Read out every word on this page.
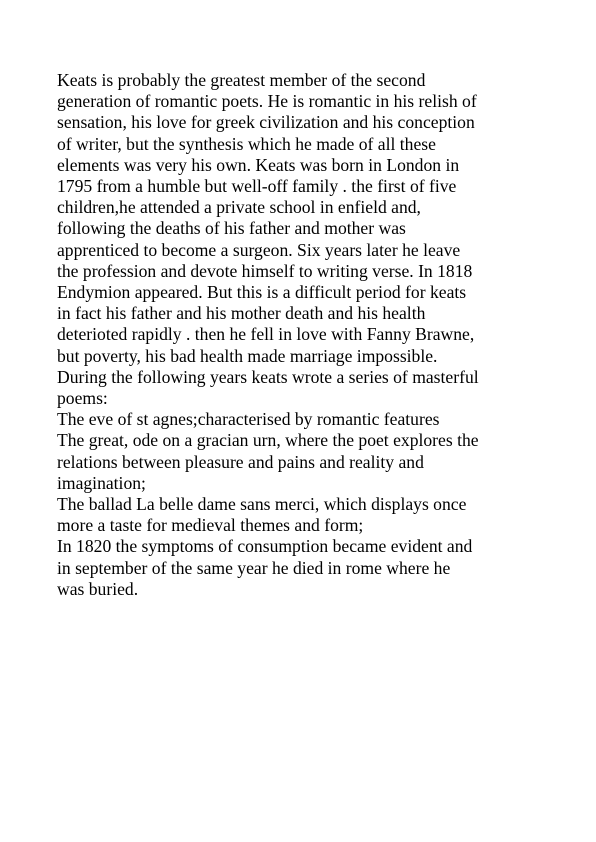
Keats is probably the greatest member of the second
generation of romantic poets. He is romantic in his relish of
sensation, his love for greek civilization and his conception
of writer, but the synthesis which he made of all these
elements was very his own. Keats was born in London in
1795 from a humble but well-off family . the first of five
children,he attended a private school in enfield and,
following the deaths of his father and mother was
apprenticed to become a surgeon. Six years later he leave
the profession and devote himself to writing verse. In 1818
Endymion appeared. But this is a difficult period for keats
in fact his father and his mother death and his health
deterioted rapidly . then he fell in love with Fanny Brawne,
but poverty, his bad health made marriage impossible.
During the following years keats wrote a series of masterful
poems:
The eve of st agnes;characterised by romantic features
The great, ode on a gracian urn, where the poet explores the
relations between pleasure and pains and reality and
imagination;
The ballad La belle dame sans merci, which displays once
more a taste for medieval themes and form;
In 1820 the symptoms of consumption became evident and
in september of the same year he died in rome where he
was buried.
